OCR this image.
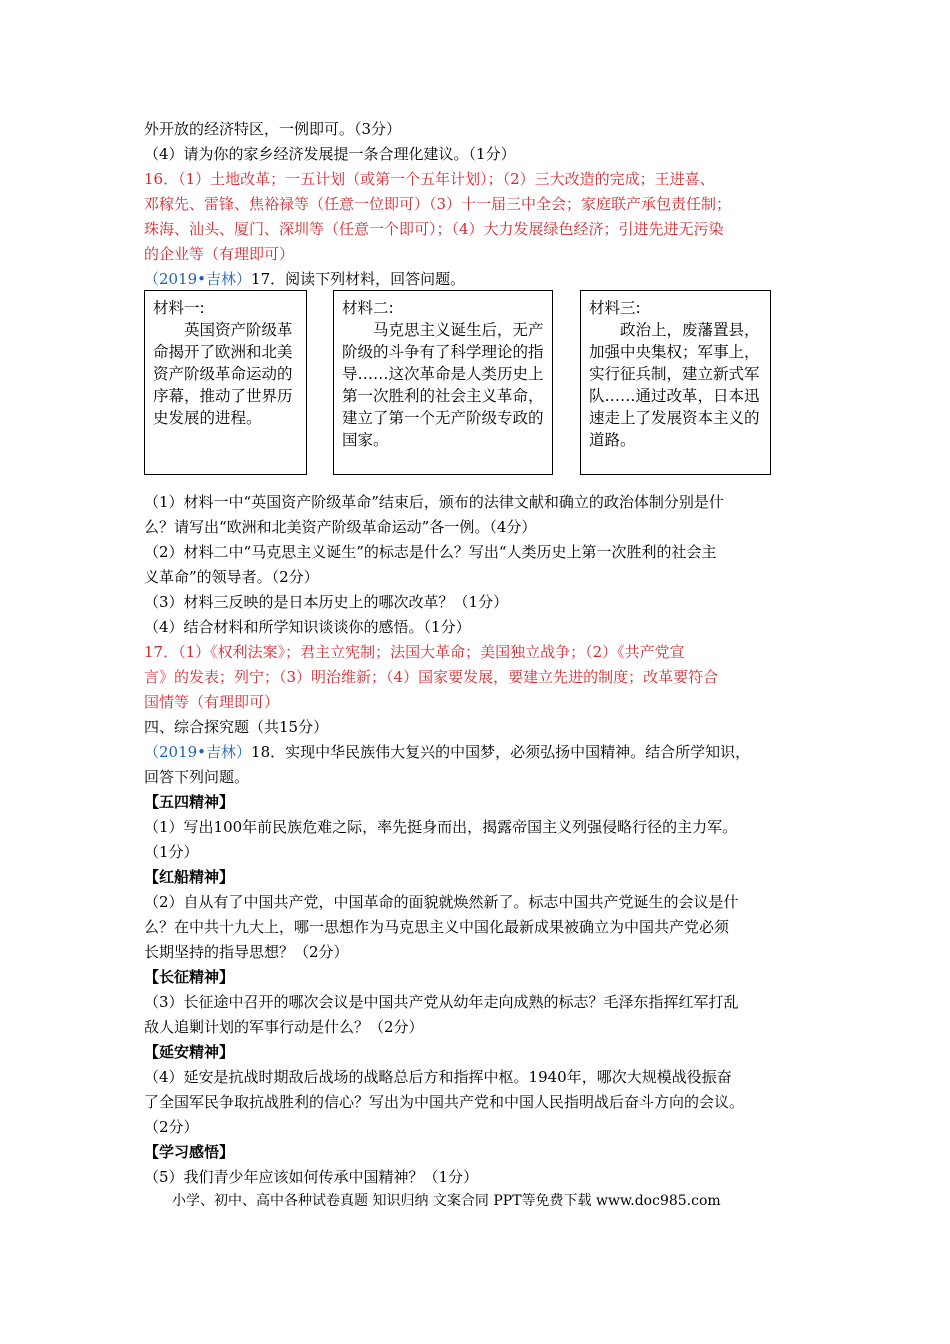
外开放的经济特区，一例即可。（3分）
（4）请为你的家乡经济发展提一条合理化建议。（1分）
16．（1）土地改革；一五计划（或第一个五年计划）；（2）三大改造的完成；王进喜、
邓稼先、雷锋、焦裕禄等（任意一位即可）（3）十一届三中全会；家庭联产承包责任制；
珠海、汕头、厦门、深圳等（任意一个即可）；（4）大力发展绿色经济；引进先进无污染
的企业等（有理即可）
（2019•吉林）17．阅读下列材料，回答问题。
材料一:
英国资产阶级革命揭开了欧洲和北美资产阶级革命运动的序幕，推动了世界历史发展的进程。
材料二:
马克思主义诞生后，无产阶级的斗争有了科学理论的指导……这次革命是人类历史上第一次胜利的社会主义革命，建立了第一个无产阶级专政的国家。
材料三:
政治上，废藩置县，加强中央集权；军事上，实行征兵制，建立新式军队……通过改革，日本迅速走上了发展资本主义的道路。
（1）材料一中“英国资产阶级革命”结束后，颁布的法律文献和确立的政治体制分别是什
么？请写出“欧洲和北美资产阶级革命运动”各一例。（4分）
（2）材料二中“马克思主义诞生”的标志是什么？写出“人类历史上第一次胜利的社会主
义革命”的领导者。（2分）
（3）材料三反映的是日本历史上的哪次改革？（1分）
（4）结合材料和所学知识谈谈你的感悟。（1分）
17．（1）《权利法案》；君主立宪制；法国大革命；美国独立战争；（2）《共产党宣
言》的发表；列宁；（3）明治维新；（4）国家要发展，要建立先进的制度；改革要符合
国情等（有理即可）
四、综合探究题（共15分）
（2019•吉林）18．实现中华民族伟大复兴的中国梦，必须弘扬中国精神。结合所学知识，
回答下列问题。
【五四精神】
（1）写出100年前民族危难之际，率先挺身而出，揭露帝国主义列强侵略行径的主力军。
（1分）
【红船精神】
（2）自从有了中国共产党，中国革命的面貌就焕然新了。标志中国共产党诞生的会议是什
么？在中共十九大上，哪一思想作为马克思主义中国化最新成果被确立为中国共产党必须
长期坚持的指导思想？（2分）
【长征精神】
（3）长征途中召开的哪次会议是中国共产党从幼年走向成熟的标志？毛泽东指挥红军打乱
敌人追剿计划的军事行动是什么？（2分）
【延安精神】
（4）延安是抗战时期敌后战场的战略总后方和指挥中枢。1940年，哪次大规模战役振奋
了全国军民争取抗战胜利的信心？写出为中国共产党和中国人民指明战后奋斗方向的会议。
（2分）
【学习感悟】
（5）我们青少年应该如何传承中国精神？（1分）
小学、初中、高中各种试卷真题 知识归纳 文案合同 PPT等免费下载 www.doc985.com
